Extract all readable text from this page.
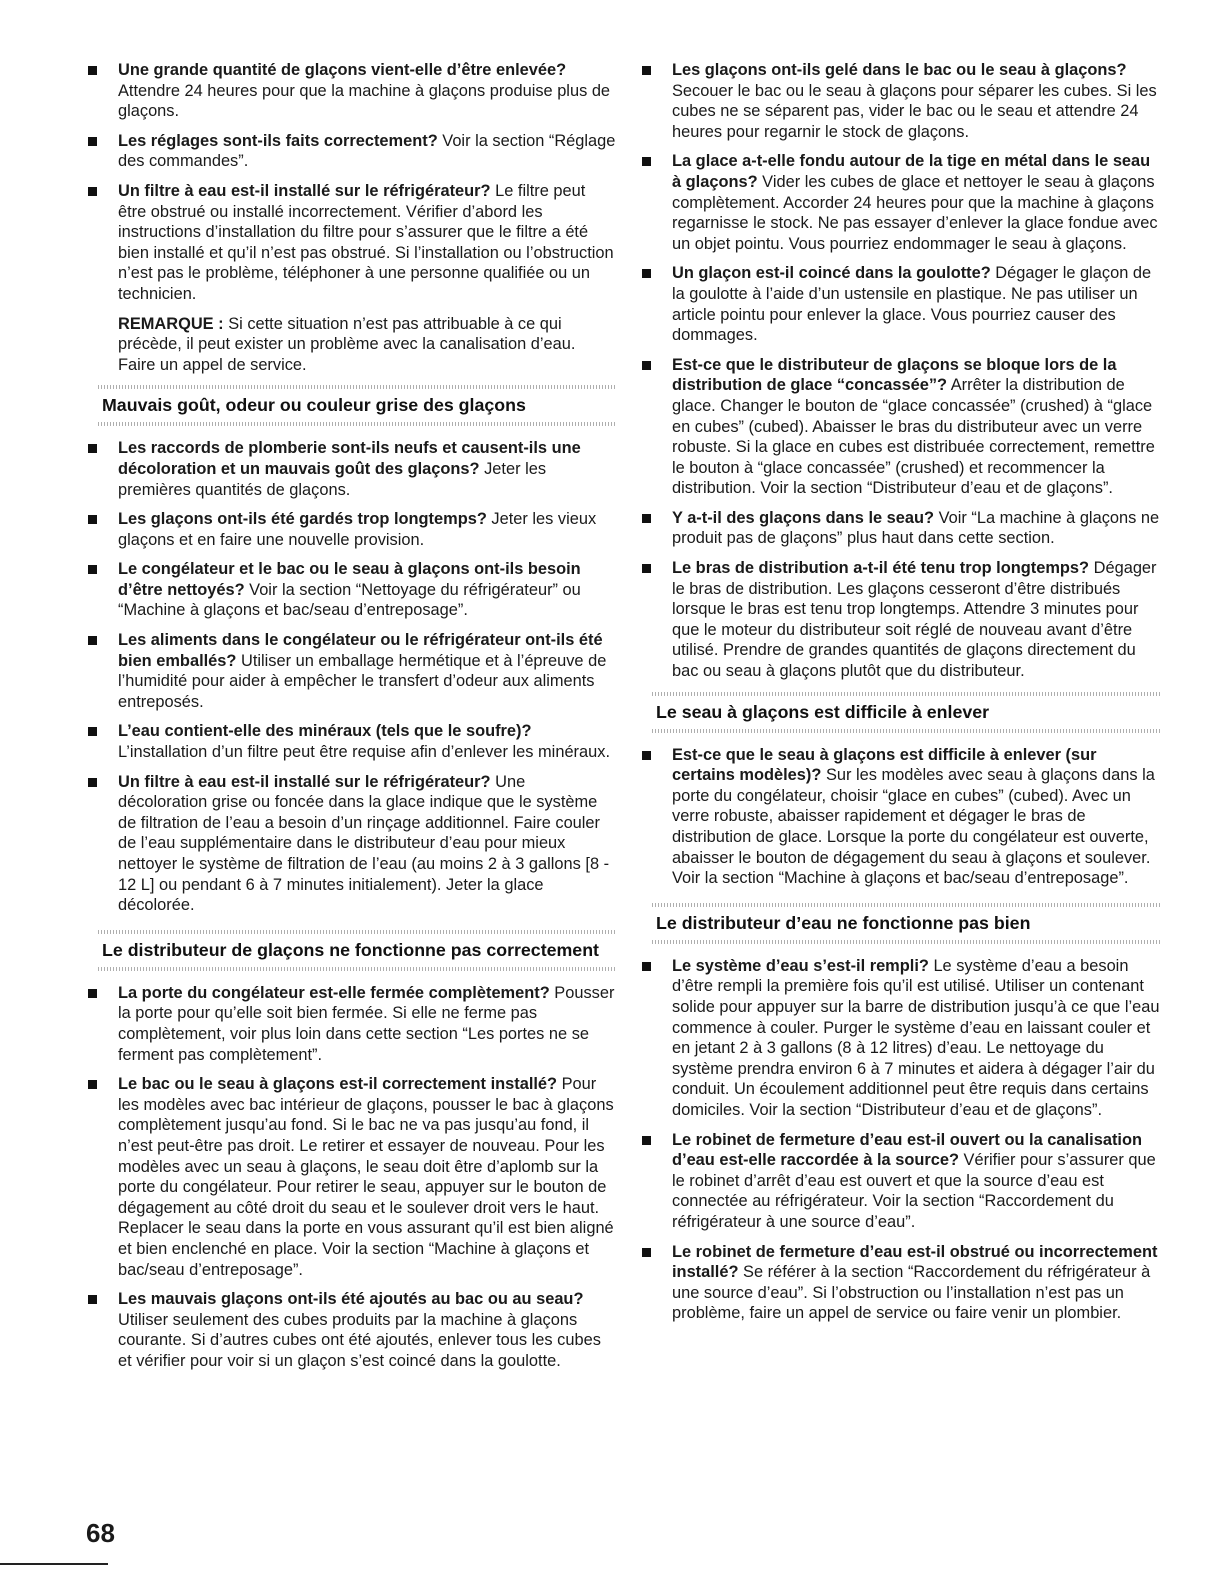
Une grande quantité de glaçons vient-elle d’être enlevée? Attendre 24 heures pour que la machine à glaçons produise plus de glaçons.
Les réglages sont-ils faits correctement? Voir la section “Réglage des commandes”.
Un filtre à eau est-il installé sur le réfrigérateur? Le filtre peut être obstrué ou installé incorrectement. Vérifier d’abord les instructions d’installation du filtre pour s’assurer que le filtre a été bien installé et qu’il n’est pas obstrué. Si l’installation ou l’obstruction n’est pas le problème, téléphoner à une personne qualifiée ou un technicien.
REMARQUE : Si cette situation n’est pas attribuable à ce qui précède, il peut exister un problème avec la canalisation d’eau. Faire un appel de service.
Mauvais goût, odeur ou couleur grise des glaçons
Les raccords de plomberie sont-ils neufs et causent-ils une décoloration et un mauvais goût des glaçons? Jeter les premières quantités de glaçons.
Les glaçons ont-ils été gardés trop longtemps? Jeter les vieux glaçons et en faire une nouvelle provision.
Le congélateur et le bac ou le seau à glaçons ont-ils besoin d’être nettoyés? Voir la section “Nettoyage du réfrigérateur” ou “Machine à glaçons et bac/seau d’entreposage”.
Les aliments dans le congélateur ou le réfrigérateur ont-ils été bien emballés? Utiliser un emballage hermétique et à l’épreuve de l’humidité pour aider à empêcher le transfert d’odeur aux aliments entreposés.
L’eau contient-elle des minéraux (tels que le soufre)? L’installation d’un filtre peut être requise afin d’enlever les minéraux.
Un filtre à eau est-il installé sur le réfrigérateur? Une décoloration grise ou foncée dans la glace indique que le système de filtration de l’eau a besoin d’un rinçage additionnel. Faire couler de l’eau supplémentaire dans le distributeur d’eau pour mieux nettoyer le système de filtration de l’eau (au moins 2 à 3 gallons [8 - 12 L] ou pendant 6 à 7 minutes initialement). Jeter la glace décolorée.
Le distributeur de glaçons ne fonctionne pas correctement
La porte du congélateur est-elle fermée complètement? Pousser la porte pour qu’elle soit bien fermée. Si elle ne ferme pas complètement, voir plus loin dans cette section “Les portes ne se ferment pas complètement”.
Le bac ou le seau à glaçons est-il correctement installé? Pour les modèles avec bac intérieur de glaçons, pousser le bac à glaçons complètement jusqu’au fond. Si le bac ne va pas jusqu’au fond, il n’est peut-être pas droit. Le retirer et essayer de nouveau. Pour les modèles avec un seau à glaçons, le seau doit être d’aplomb sur la porte du congélateur. Pour retirer le seau, appuyer sur le bouton de dégagement au côté droit du seau et le soulever droit vers le haut. Replacer le seau dans la porte en vous assurant qu’il est bien aligné et bien enclenché en place. Voir la section “Machine à glaçons et bac/seau d’entreposage”.
Les mauvais glaçons ont-ils été ajoutés au bac ou au seau? Utiliser seulement des cubes produits par la machine à glaçons courante. Si d’autres cubes ont été ajoutés, enlever tous les cubes et vérifier pour voir si un glaçon s’est coincé dans la goulotte.
Les glaçons ont-ils gelé dans le bac ou le seau à glaçons? Secouer le bac ou le seau à glaçons pour séparer les cubes. Si les cubes ne se séparent pas, vider le bac ou le seau et attendre 24 heures pour regarnir le stock de glaçons.
La glace a-t-elle fondu autour de la tige en métal dans le seau à glaçons? Vider les cubes de glace et nettoyer le seau à glaçons complètement. Accorder 24 heures pour que la machine à glaçons regarnisse le stock. Ne pas essayer d’enlever la glace fondue avec un objet pointu. Vous pourriez endommager le seau à glaçons.
Un glaçon est-il coincé dans la goulotte? Dégager le glaçon de la goulotte à l’aide d’un ustensile en plastique. Ne pas utiliser un article pointu pour enlever la glace. Vous pourriez causer des dommages.
Est-ce que le distributeur de glaçons se bloque lors de la distribution de glace “concassée”? Arrêter la distribution de glace. Changer le bouton de “glace concassée” (crushed) à “glace en cubes” (cubed). Abaisser le bras du distributeur avec un verre robuste. Si la glace en cubes est distribuée correctement, remettre le bouton à “glace concassée” (crushed) et recommencer la distribution. Voir la section “Distributeur d’eau et de glaçons”.
Y a-t-il des glaçons dans le seau? Voir “La machine à glaçons ne produit pas de glaçons” plus haut dans cette section.
Le bras de distribution a-t-il été tenu trop longtemps? Dégager le bras de distribution. Les glaçons cesseront d’être distribués lorsque le bras est tenu trop longtemps. Attendre 3 minutes pour que le moteur du distributeur soit réglé de nouveau avant d’être utilisé. Prendre de grandes quantités de glaçons directement du bac ou seau à glaçons plutôt que du distributeur.
Le seau à glaçons est difficile à enlever
Est-ce que le seau à glaçons est difficile à enlever (sur certains modèles)? Sur les modèles avec seau à glaçons dans la porte du congélateur, choisir “glace en cubes” (cubed). Avec un verre robuste, abaisser rapidement et dégager le bras de distribution de glace. Lorsque la porte du congélateur est ouverte, abaisser le bouton de dégagement du seau à glaçons et soulever. Voir la section “Machine à glaçons et bac/seau d’entreposage”.
Le distributeur d’eau ne fonctionne pas bien
Le système d’eau s’est-il rempli? Le système d’eau a besoin d’être rempli la première fois qu’il est utilisé. Utiliser un contenant solide pour appuyer sur la barre de distribution jusqu’à ce que l’eau commence à couler. Purger le système d’eau en laissant couler et en jetant 2 à 3 gallons (8 à 12 litres) d’eau. Le nettoyage du système prendra environ 6 à 7 minutes et aidera à dégager l’air du conduit. Un écoulement additionnel peut être requis dans certains domiciles. Voir la section “Distributeur d’eau et de glaçons”.
Le robinet de fermeture d’eau est-il ouvert ou la canalisation d’eau est-elle raccordée à la source? Vérifier pour s’assurer que le robinet d’arrêt d’eau est ouvert et que la source d’eau est connectée au réfrigérateur. Voir la section “Raccordement du réfrigérateur à une source d’eau”.
Le robinet de fermeture d’eau est-il obstrué ou incorrectement installé? Se référer à la section “Raccordement du réfrigérateur à une source d’eau”. Si l’obstruction ou l’installation n’est pas un problème, faire un appel de service ou faire venir un plombier.
68
